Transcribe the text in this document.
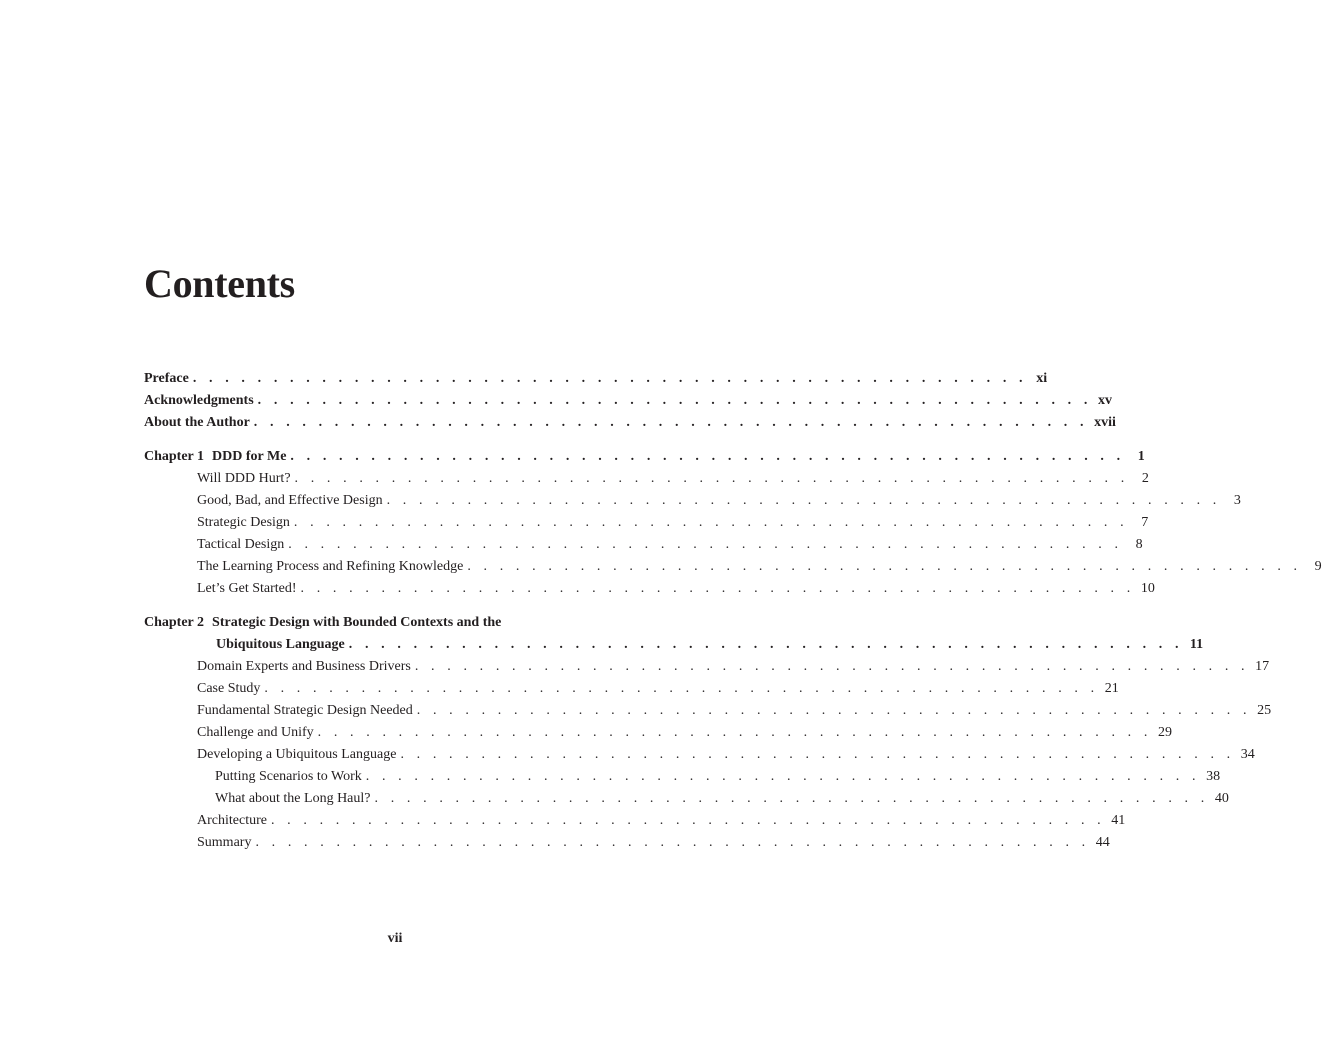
Contents
Preface . . . . . . . . . . . . . . . . . . . . . . . . . . . . . . . . . . . . . . . . . . . . . . . . . . . . xi
Acknowledgments . . . . . . . . . . . . . . . . . . . . . . . . . . . . . . . . . . . . . . . . . . . . . . . . . . . . xv
About the Author . . . . . . . . . . . . . . . . . . . . . . . . . . . . . . . . . . . . . . . . . . . . . . . . . . . . xvii
Chapter 1 DDD for Me . . . . . . . . . . . . . . . . . . . . . . . . . . . . . . . . . . . . . . . . . . . . . . . . . . . . 1
Will DDD Hurt? . . . . . . . . . . . . . . . . . . . . . . . . . . . . . . . . . . . . . . . . . . . . . . . . . . . . 2
Good, Bad, and Effective Design . . . . . . . . . . . . . . . . . . . . . . . . . . . . . . . . . . . . . . . . . . . . . . . . . . . . 3
Strategic Design . . . . . . . . . . . . . . . . . . . . . . . . . . . . . . . . . . . . . . . . . . . . . . . . . . . . 7
Tactical Design . . . . . . . . . . . . . . . . . . . . . . . . . . . . . . . . . . . . . . . . . . . . . . . . . . . . 8
The Learning Process and Refining Knowledge . . . . . . . . . . . . . . . . . . . . . . . . . . . . . . . . . . . . . . . . . . . . . . . . . . . . 9
Let’s Get Started! . . . . . . . . . . . . . . . . . . . . . . . . . . . . . . . . . . . . . . . . . . . . . . . . . . . . 10
Chapter 2 Strategic Design with Bounded Contexts and the
Ubiquitous Language . . . . . . . . . . . . . . . . . . . . . . . . . . . . . . . . . . . . . . . . . . . . . . . . . . . . 11
Domain Experts and Business Drivers . . . . . . . . . . . . . . . . . . . . . . . . . . . . . . . . . . . . . . . . . . . . . . . . . . . . 17
Case Study . . . . . . . . . . . . . . . . . . . . . . . . . . . . . . . . . . . . . . . . . . . . . . . . . . . . 21
Fundamental Strategic Design Needed . . . . . . . . . . . . . . . . . . . . . . . . . . . . . . . . . . . . . . . . . . . . . . . . . . . . 25
Challenge and Unify . . . . . . . . . . . . . . . . . . . . . . . . . . . . . . . . . . . . . . . . . . . . . . . . . . . . 29
Developing a Ubiquitous Language . . . . . . . . . . . . . . . . . . . . . . . . . . . . . . . . . . . . . . . . . . . . . . . . . . . . 34
Putting Scenarios to Work . . . . . . . . . . . . . . . . . . . . . . . . . . . . . . . . . . . . . . . . . . . . . . . . . . . . 38
What about the Long Haul? . . . . . . . . . . . . . . . . . . . . . . . . . . . . . . . . . . . . . . . . . . . . . . . . . . . . 40
Architecture . . . . . . . . . . . . . . . . . . . . . . . . . . . . . . . . . . . . . . . . . . . . . . . . . . . . 41
Summary . . . . . . . . . . . . . . . . . . . . . . . . . . . . . . . . . . . . . . . . . . . . . . . . . . . . 44
vii
